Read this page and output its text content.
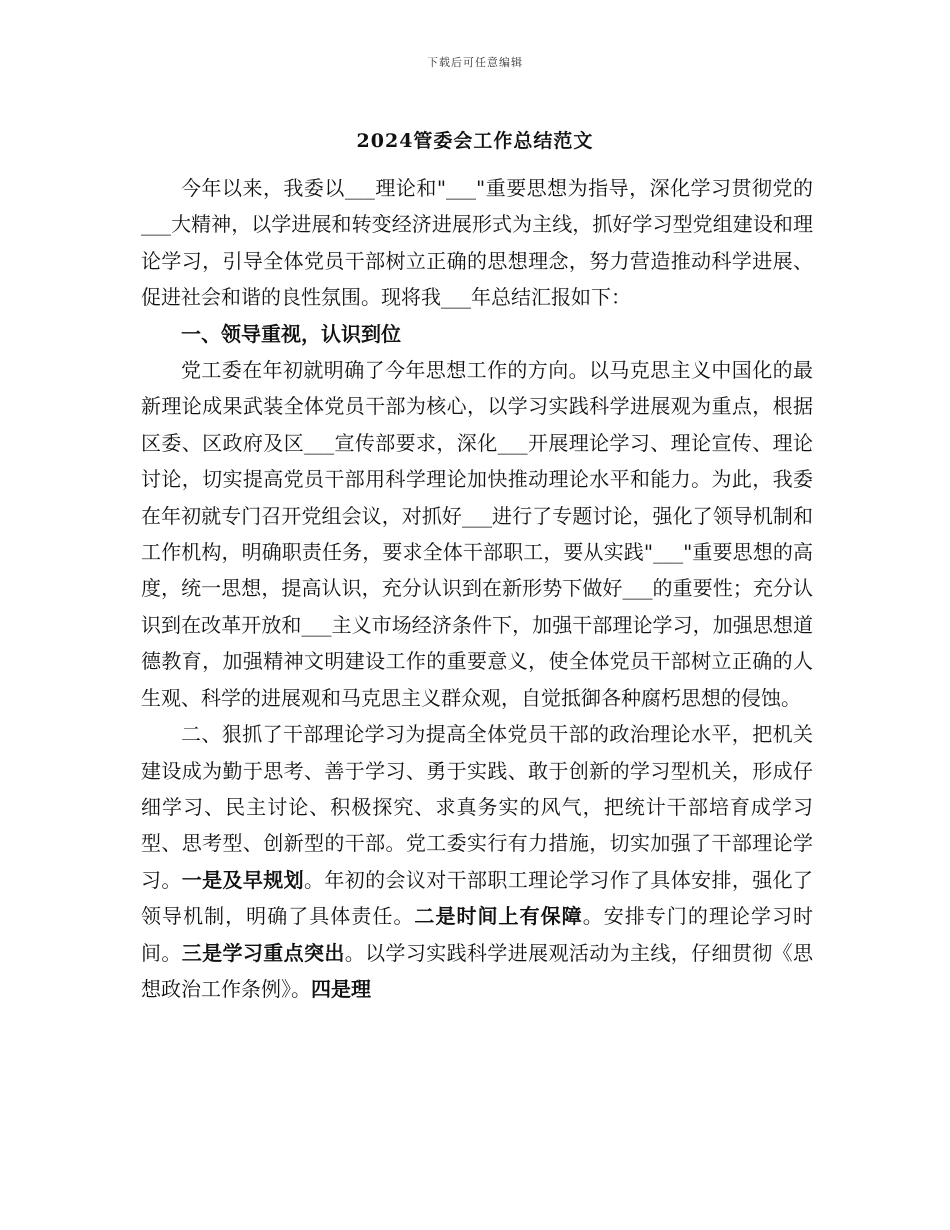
下载后可任意编辑
2024管委会工作总结范文

今年以来，我委以___理论和"___"重要思想为指导，深化学习贯彻党的___大精神，以学进展和转变经济进展形式为主线，抓好学习型党组建设和理论学习，引导全体党员干部树立正确的思想理念，努力营造推动科学进展、促进社会和谐的良性氛围。现将我___年总结汇报如下：

一、领导重视，认识到位

党工委在年初就明确了今年思想工作的方向。以马克思主义中国化的最新理论成果武装全体党员干部为核心，以学习实践科学进展观为重点，根据区委、区政府及区___宣传部要求，深化___开展理论学习、理论宣传、理论讨论，切实提高党员干部用科学理论加快推动理论水平和能力。为此，我委在年初就专门召开党组会议，对抓好___进行了专题讨论，强化了领导机制和工作机构，明确职责任务，要求全体干部职工，要从实践"___"重要思想的高度，统一思想，提高认识，充分认识到在新形势下做好___的重要性；充分认识到在改革开放和___主义市场经济条件下，加强干部理论学习，加强思想道德教育，加强精神文明建设工作的重要意义，使全体党员干部树立正确的人生观、科学的进展观和马克思主义群众观，自觉抵御各种腐朽思想的侵蚀。

二、狠抓了干部理论学习为提高全体党员干部的政治理论水平，把机关建设成为勤于思考、善于学习、勇于实践、敢于创新的学习型机关，形成仔细学习、民主讨论、积极探究、求真务实的风气，把统计干部培育成学习型、思考型、创新型的干部。党工委实行有力措施，切实加强了干部理论学习。一是及早规划。年初的会议对干部职工理论学习作了具体安排，强化了领导机制，明确了具体责任。二是时间上有保障。安排专门的理论学习时间。三是学习重点突出。以学习实践科学进展观活动为主线，仔细贯彻《思想政治工作条例》。四是理
